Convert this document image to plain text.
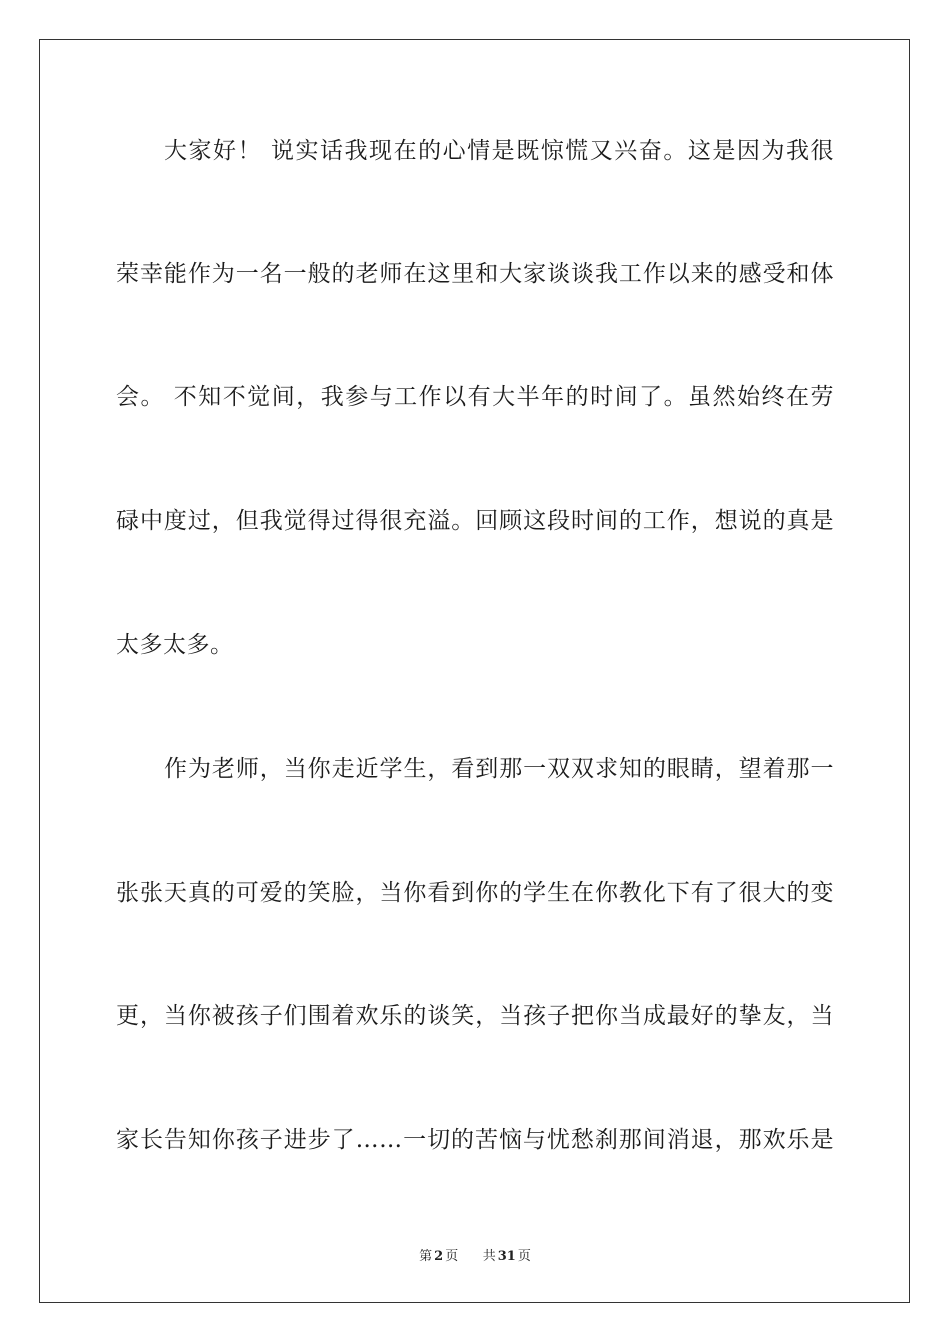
大家好！ 说实话我现在的心情是既惊慌又兴奋。这是因为我很
荣幸能作为一名一般的老师在这里和大家谈谈我工作以来的感受和体
会。 不知不觉间，我参与工作以有大半年的时间了。虽然始终在劳
碌中度过，但我觉得过得很充溢。回顾这段时间的工作，想说的真是
太多太多。
作为老师，当你走近学生，看到那一双双求知的眼睛，望着那一
张张天真的可爱的笑脸，当你看到你的学生在你教化下有了很大的变
更，当你被孩子们围着欢乐的谈笑，当孩子把你当成最好的挚友，当
家长告知你孩子进步了……一切的苦恼与忧愁刹那间消退，那欢乐是
第 2 页 共 31 页
